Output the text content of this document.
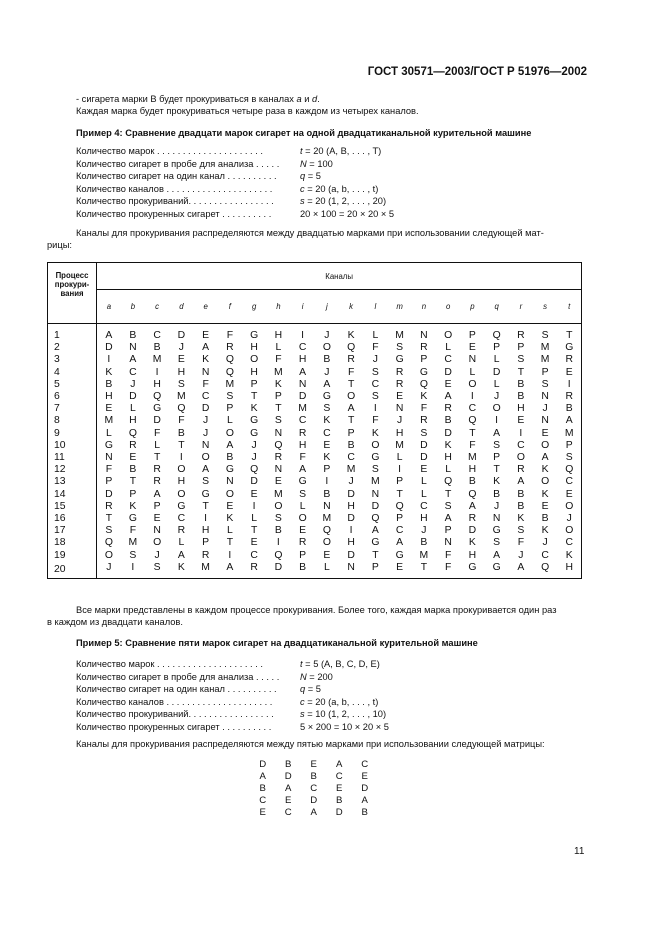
ГОСТ 30571—2003/ГОСТ Р 51976—2002
- сигарета марки В будет прокуриваться в каналах a и d.
Каждая марка будет прокуриваться четыре раза в каждом из четырех каналов.
Пример 4: Сравнение двадцати марок сигарет на одной двадцатиканальной курительной машине
Количество марок . . . . . . . . . . . . . . . . . . . . .	t = 20 (A, B, . . . , T)
Количество сигарет в пробе для анализа . . . . . N = 100
Количество сигарет на один канал . . . . . . . . . .	q = 5
Количество каналов . . . . . . . . . . . . . . . . . . . . .	c = 20 (a, b, . . . , t)
Количество прокуриваний. . . . . . . . . . . . . . . . .	s = 20 (1, 2, . . . , 20)
Количество прокуренных сигарет . . . . . . . . . .	20 × 100 = 20 × 20 × 5
Каналы для прокуривания распределяются между двадцатью марками при использовании следующей мат-
рицы:
Процесс прокури-вания	Каналы																			
	a	b	c	d	e	f	g	h	i	j	k	l	m	n	o	p	q	r	s	t
1	A	B	C	D	E	F	G	H	I	J	K	L	M	N	O	P	Q	R	S	T
2	D	N	B	J	A	R	H	L	C	O	Q	F	S	R	L	E	P	P	M	G
3	I	A	M	E	K	Q	O	F	H	B	R	J	G	P	C	N	L	S	M	R
4	K	C	I	H	N	Q	H	M	A	J	F	S	R	G	D	L	D	T	P	E
5	B	J	H	S	F	M	P	K	N	A	T	C	R	Q	E	O	L	B	S	I
6	H	D	Q	M	C	S	T	P	D	G	O	S	E	K	A	I	J	B	N	R
7	E	L	G	Q	D	P	K	T	M	S	A	I	N	F	R	C	O	H	J	B
8	M	H	D	F	J	L	G	S	C	K	T	F	J	R	B	Q	I	E	N	A
9	L	Q	F	B	J	O	G	N	R	C	P	K	H	S	D	T	A	I	E	M
10	G	R	L	T	N	A	J	Q	H	E	B	O	M	D	K	F	S	C	O	P
11	N	E	T	I	O	B	J	R	F	K	C	G	L	D	H	M	P	O	A	S
12	F	B	R	O	A	G	Q	N	A	P	M	S	I	E	L	H	T	R	K	Q
13	P	T	R	H	S	N	D	E	G	I	J	M	P	L	Q	B	K	A	O	C
14	D	P	A	O	G	O	E	M	S	B	D	N	T	L	T	Q	B	B	K	E
15	R	K	P	G	T	E	I	O	L	N	H	D	Q	C	S	A	J	B	E	O
16	T	G	E	C	I	K	L	S	O	M	D	Q	P	H	A	R	N	K	B	J
17	S	F	N	R	H	L	T	B	E	Q	I	A	C	J	P	D	G	S	K	O
18	Q	M	O	L	P	T	E	I	R	O	H	G	A	B	N	K	S	F	J	C
19	O	S	J	A	R	I	C	Q	P	E	D	T	G	M	F	H	A	J	C	K
20	J	I	S	K	M	A	R	D	B	L	N	P	E	T	F	G	G	A	Q	H
Все марки представлены в каждом процессе прокуривания. Более того, каждая марка прокуривается один раз
в каждом из двадцати каналов.
Пример 5: Сравнение пяти марок сигарет на двадцатиканальной курительной машине
Количество марок . . . . . . . . . . . . . . . . . . . . .	t = 5 (A, B, C, D, E)
Количество сигарет в пробе для анализа . . . . . N = 200
Количество сигарет на один канал . . . . . . . . . .	q = 5
Количество каналов . . . . . . . . . . . . . . . . . . . . .	c = 20 (a, b, . . . , t)
Количество прокуриваний. . . . . . . . . . . . . . . . .	s = 10 (1, 2, . . . , 10)
Количество прокуренных сигарет . . . . . . . . . .	5 × 200 = 10 × 20 × 5
Каналы для прокуривания распределяются между пятью марками при использовании следующей матрицы:
D B E A C
A D B C E
B A C E D
C E D B A
E C A D B
11
